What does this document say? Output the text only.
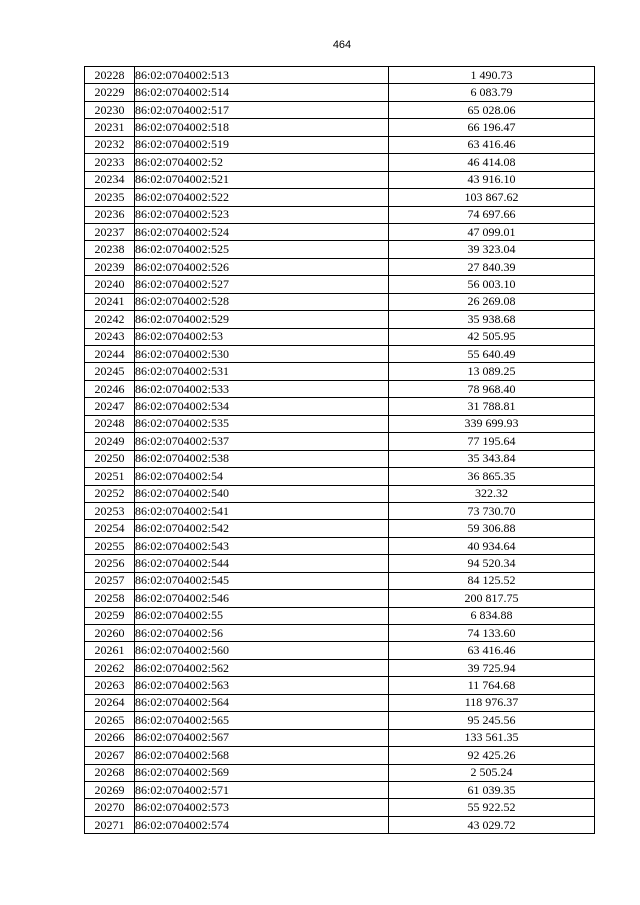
464
20228	86:02:0704002:513	1 490.73
20229	86:02:0704002:514	6 083.79
20230	86:02:0704002:517	65 028.06
20231	86:02:0704002:518	66 196.47
20232	86:02:0704002:519	63 416.46
20233	86:02:0704002:52	46 414.08
20234	86:02:0704002:521	43 916.10
20235	86:02:0704002:522	103 867.62
20236	86:02:0704002:523	74 697.66
20237	86:02:0704002:524	47 099.01
20238	86:02:0704002:525	39 323.04
20239	86:02:0704002:526	27 840.39
20240	86:02:0704002:527	56 003.10
20241	86:02:0704002:528	26 269.08
20242	86:02:0704002:529	35 938.68
20243	86:02:0704002:53	42 505.95
20244	86:02:0704002:530	55 640.49
20245	86:02:0704002:531	13 089.25
20246	86:02:0704002:533	78 968.40
20247	86:02:0704002:534	31 788.81
20248	86:02:0704002:535	339 699.93
20249	86:02:0704002:537	77 195.64
20250	86:02:0704002:538	35 343.84
20251	86:02:0704002:54	36 865.35
20252	86:02:0704002:540	322.32
20253	86:02:0704002:541	73 730.70
20254	86:02:0704002:542	59 306.88
20255	86:02:0704002:543	40 934.64
20256	86:02:0704002:544	94 520.34
20257	86:02:0704002:545	84 125.52
20258	86:02:0704002:546	200 817.75
20259	86:02:0704002:55	6 834.88
20260	86:02:0704002:56	74 133.60
20261	86:02:0704002:560	63 416.46
20262	86:02:0704002:562	39 725.94
20263	86:02:0704002:563	11 764.68
20264	86:02:0704002:564	118 976.37
20265	86:02:0704002:565	95 245.56
20266	86:02:0704002:567	133 561.35
20267	86:02:0704002:568	92 425.26
20268	86:02:0704002:569	2 505.24
20269	86:02:0704002:571	61 039.35
20270	86:02:0704002:573	55 922.52
20271	86:02:0704002:574	43 029.72
